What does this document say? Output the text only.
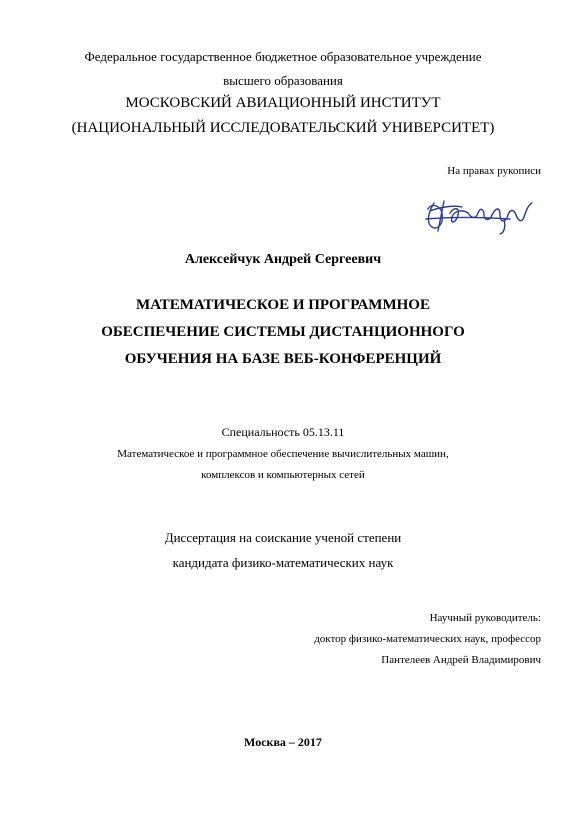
Федеральное государственное бюджетное образовательное учреждение
высшего образования
МОСКОВСКИЙ АВИАЦИОННЫЙ ИНСТИТУТ
(НАЦИОНАЛЬНЫЙ ИССЛЕДОВАТЕЛЬСКИЙ УНИВЕРСИТЕТ)
На правах рукописи
Алексейчук Андрей Сергеевич
МАТЕМАТИЧЕСКОЕ И ПРОГРАММНОЕ
ОБЕСПЕЧЕНИЕ СИСТЕМЫ ДИСТАНЦИОННОГО
ОБУЧЕНИЯ НА БАЗЕ ВЕБ-КОНФЕРЕНЦИЙ
Специальность 05.13.11
Математическое и программное обеспечение вычислительных машин,
комплексов и компьютерных сетей
Диссертация на соискание ученой степени
кандидата физико-математических наук
Научный руководитель:
доктор физико-математических наук, профессор
Пантелеев Андрей Владимирович
Москва – 2017
